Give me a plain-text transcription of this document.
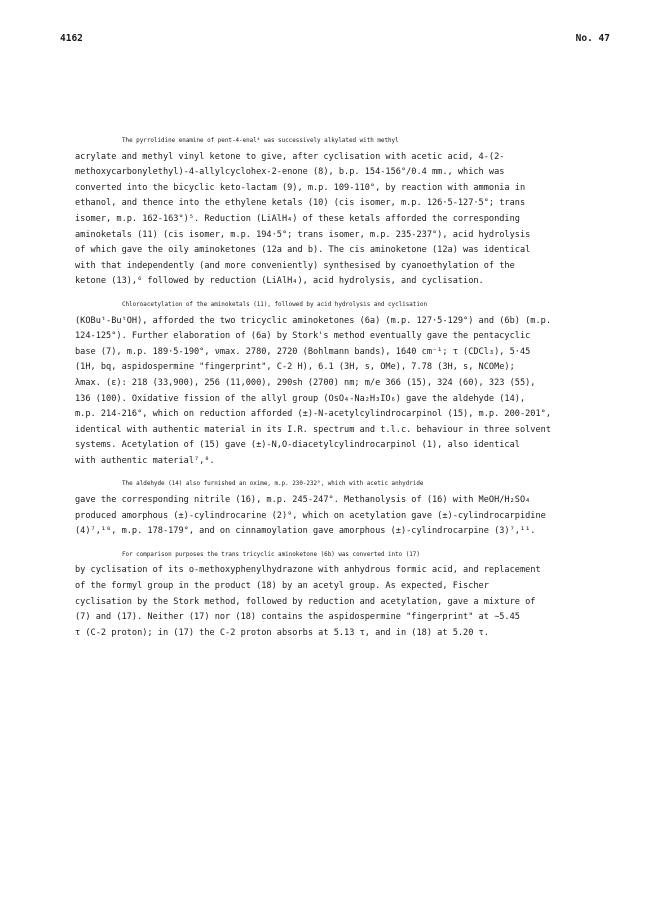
4162	No. 47

The pyrrolidine enamine of pent-4-enal⁴ was successively alkylated with methyl

acrylate and methyl vinyl ketone to give, after cyclisation with acetic acid, 4-(2-

methoxycarbonylethyl)-4-allylcyclohex-2-enone (8), b.p. 154-156°/0.4 mm., which was

converted into the bicyclic keto-lactam (9), m.p. 109-110°, by reaction with ammonia in

ethanol, and thence into the ethylene ketals (10) (cis isomer, m.p. 126·5-127·5°; trans

isomer, m.p. 162-163°)⁵. Reduction (LiAlH₄) of these ketals afforded the corresponding

aminoketals (11) (cis isomer, m.p. 194·5°; trans isomer, m.p. 235-237°), acid hydrolysis

of which gave the oily aminoketones (12a and b). The cis aminoketone (12a) was identical

with that independently (and more conveniently) synthesised by cyanoethylation of the

ketone (13),⁶ followed by reduction (LiAlH₄), acid hydrolysis, and cyclisation.

Chloroacetylation of the aminoketals (11), followed by acid hydrolysis and cyclisation

(KOBuᵗ-BuᵗOH), afforded the two tricyclic aminoketones (6a) (m.p. 127·5-129°) and (6b) (m.p.

124-125°). Further elaboration of (6a) by Stork's method eventually gave the pentacyclic

base (7), m.p. 189·5-190°, νmax. 2780, 2720 (Bohlmann bands), 1640 cm⁻¹; τ (CDCl₃), 5·45

(1H, bq, aspidospermine "fingerprint", C-2 H), 6.1 (3H, s, OMe), 7.78 (3H, s, NCOMe);

λmax. (ε): 218 (33,900), 256 (11,000), 290sh (2700) nm; m/e 366 (15), 324 (60), 323 (55),

136 (100). Oxidative fission of the allyl group (OsO₄-Na₂H₃IO₆) gave the aldehyde (14),

m.p. 214-216°, which on reduction afforded (±)-N-acetylcylindrocarpinol (15), m.p. 200-201°,

identical with authentic material in its I.R. spectrum and t.l.c. behaviour in three solvent

systems. Acetylation of (15) gave (±)-N,O-diacetylcylindrocarpinol (1), also identical

with authentic material⁷,⁸.

The aldehyde (14) also furnished an oxime, m.p. 230-232°, which with acetic anhydride

gave the corresponding nitrile (16), m.p. 245-247°. Methanolysis of (16) with MeOH/H₂SO₄

produced amorphous (±)-cylindrocarine (2)⁹, which on acetylation gave (±)-cylindrocarpidine

(4)⁷,¹⁰, m.p. 178-179°, and on cinnamoylation gave amorphous (±)-cylindrocarpine (3)⁷,¹¹.

For comparison purposes the trans tricyclic aminoketone (6b) was converted into (17)

by cyclisation of its o-methoxyphenylhydrazone with anhydrous formic acid, and replacement

of the formyl group in the product (18) by an acetyl group. As expected, Fischer

cyclisation by the Stork method, followed by reduction and acetylation, gave a mixture of

(7) and (17). Neither (17) nor (18) contains the aspidospermine "fingerprint" at ∼5.45

τ (C-2 proton); in (17) the C-2 proton absorbs at 5.13 τ, and in (18) at 5.20 τ.
